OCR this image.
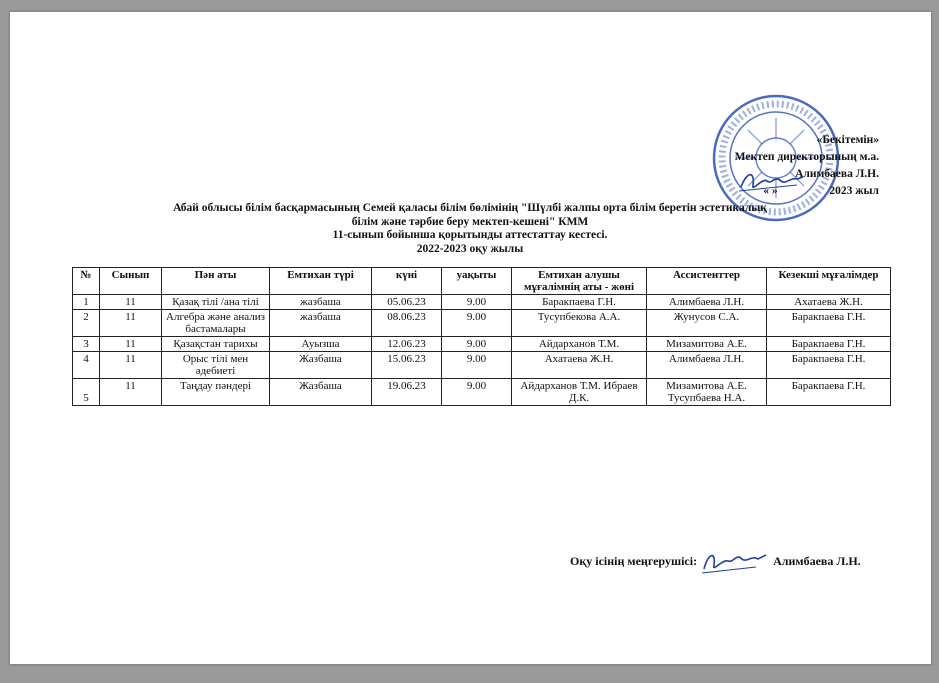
«Бекітемін»
Мектеп директорының м.а.
Алимбаева Л.Н.
« »	2023 жыл
Абай облысы білім басқармасының Семей қаласы білім бөлімінің "Шүлбі жалпы орта білім беретін эстетикалық
білім және тәрбие беру мектеп-кешені" КММ
11-сынып бойынша қорытынды аттестаттау кестесі.
2022-2023 оқу жылы
№	Сынып	Пән аты	Емтихан түрі	күні	уақыты	Емтихан алушы мұғалімнің аты - жөні	Ассистенттер	Кезекші мұғалімдер
1	11	Қазақ тілі /ана тілі	жазбаша	05.06.23	9.00	Баракпаева Г.Н.	Алимбаева Л.Н.	Ахатаева Ж.Н.
2	11	Алгебра және анализ бастамалары	жазбаша	08.06.23	9.00	Тусупбекова А.А.	Жунусов С.А.	Баракпаева Г.Н.
3	11	Қазақстан тарихы	Ауызша	12.06.23	9.00	Айдарханов Т.М.	Мизамитова А.Е.	Баракпаева Г.Н.
4	11	Орыс тілі мен әдебиеті	Жазбаша	15.06.23	9.00	Ахатаева Ж.Н.	Алимбаева Л.Н.	Баракпаева Г.Н.
5	11	Таңдау пәндері	Жазбаша	19.06.23	9.00	Айдарханов Т.М. Ибраев Д.К.	Мизамитова А.Е. Тусупбаева Н.А.	Баракпаева Г.Н.
Оқу ісінің меңгерушісі:	Алимбаева Л.Н.
